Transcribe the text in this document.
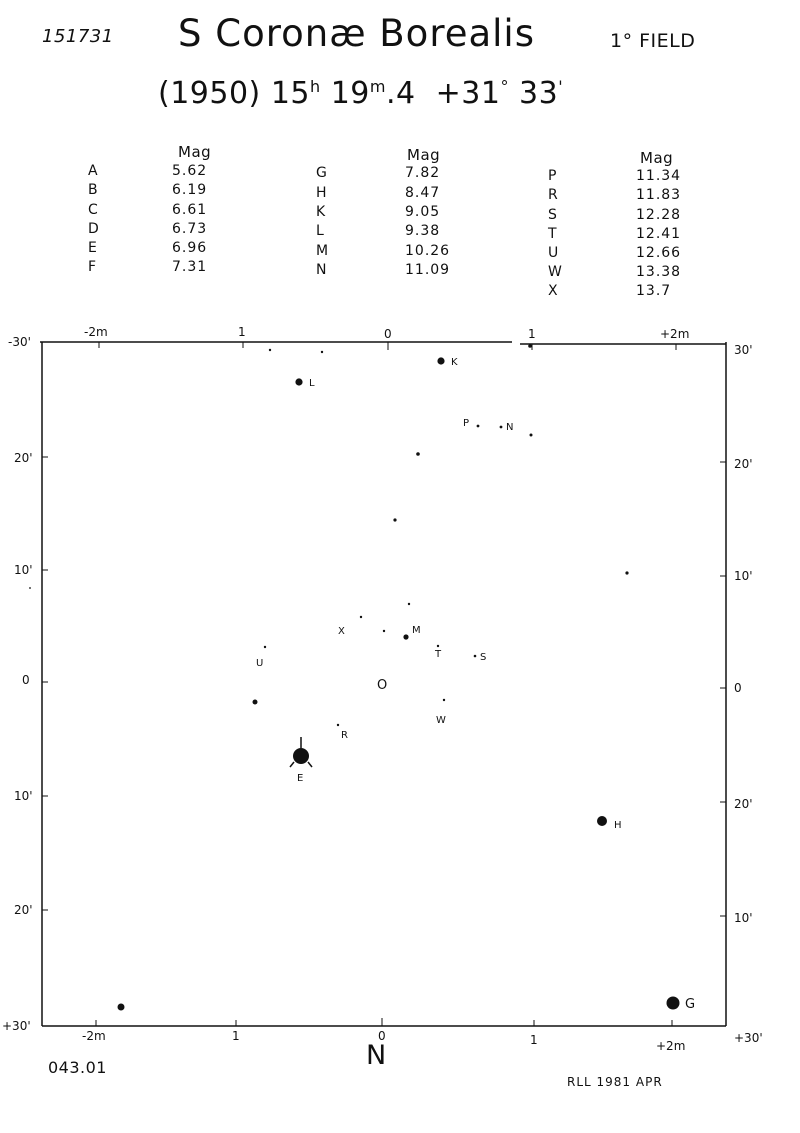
151731 S Coronæ Borealis	1° FIELD
(1950) 15$^h$ $19^m.4 +31^\circ$ 33'
Mag	Mag	Mag
A	5.62
B	6.19
C	6.61
D	6.73
E	6.96
F	7.31
G	7.82
H	8.47
K	9.05
L	9.38
M	10.26
N	11.09
P	11.34
R	11.83
S	12.28
T	12.41
U	12.66
W	13.38
X	13.7
-2m	1	0	1	+2m
-2m	1	0	1	+2m
-30'
20'
10'
0
10'
20'
+30'
30'
20'
10'
0
20'
10'
+30'
L
K
P	N
S
X	M
T
U
W
R
E
H
G
O
N
043.01
RLL 1981 APR
